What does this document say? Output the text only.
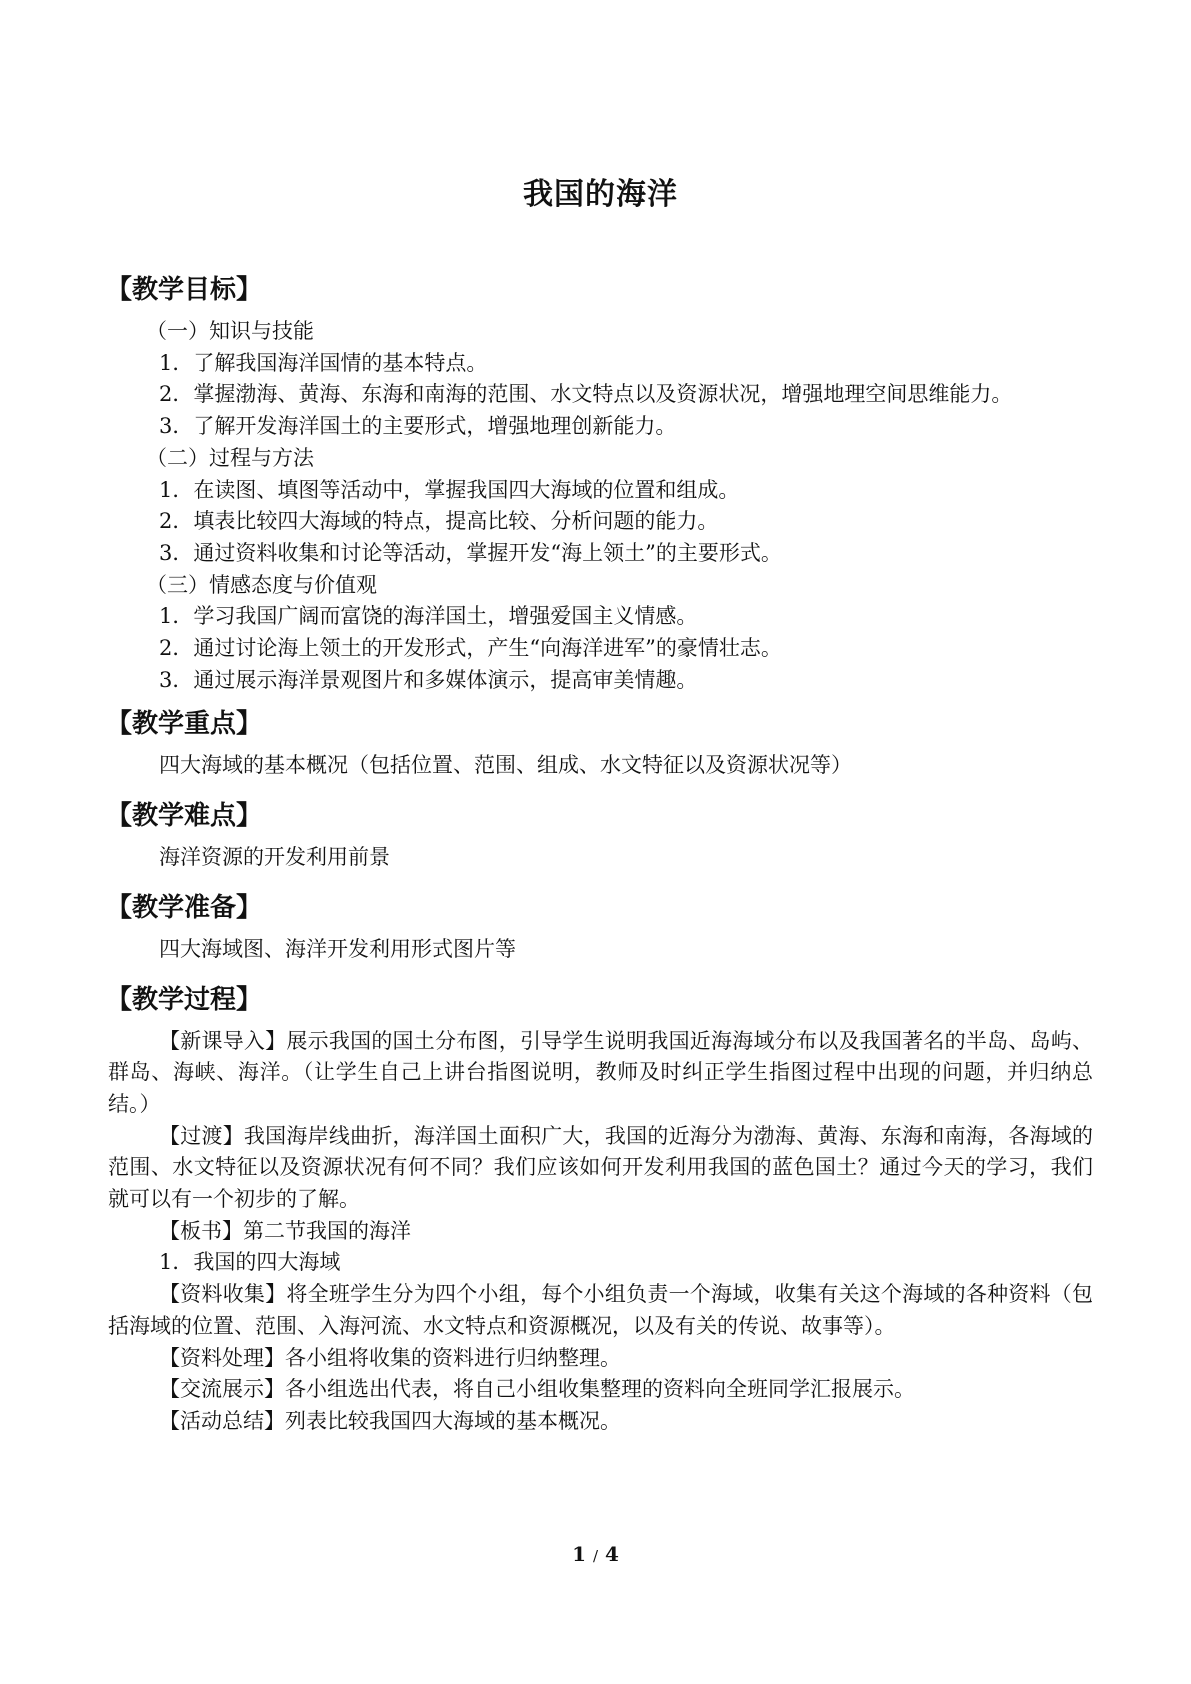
我国的海洋
【教学目标】

（一）知识与技能

1．了解我国海洋国情的基本特点。

2．掌握渤海、黄海、东海和南海的范围、水文特点以及资源状况，增强地理空间思维能力。

3．了解开发海洋国土的主要形式，增强地理创新能力。

（二）过程与方法

1．在读图、填图等活动中，掌握我国四大海域的位置和组成。

2．填表比较四大海域的特点，提高比较、分析问题的能力。

3．通过资料收集和讨论等活动，掌握开发“海上领土”的主要形式。

（三）情感态度与价值观

1．学习我国广阔而富饶的海洋国土，增强爱国主义情感。

2．通过讨论海上领土的开发形式，产生“向海洋进军”的豪情壮志。

3．通过展示海洋景观图片和多媒体演示，提高审美情趣。

【教学重点】

四大海域的基本概况（包括位置、范围、组成、水文特征以及资源状况等）

【教学难点】

海洋资源的开发利用前景

【教学准备】

四大海域图、海洋开发利用形式图片等

【教学过程】

【新课导入】展示我国的国土分布图，引导学生说明我国近海海域分布以及我国著名的半岛、岛屿、群岛、海峡、海洋。（让学生自己上讲台指图说明，教师及时纠正学生指图过程中出现的问题，并归纳总结。）

【过渡】我国海岸线曲折，海洋国土面积广大，我国的近海分为渤海、黄海、东海和南海，各海域的范围、水文特征以及资源状况有何不同？我们应该如何开发利用我国的蓝色国土？通过今天的学习，我们就可以有一个初步的了解。

【板书】第二节我国的海洋

1．我国的四大海域

【资料收集】将全班学生分为四个小组，每个小组负责一个海域，收集有关这个海域的各种资料（包括海域的位置、范围、入海河流、水文特点和资源概况，以及有关的传说、故事等）。

【资料处理】各小组将收集的资料进行归纳整理。

【交流展示】各小组选出代表，将自己小组收集整理的资料向全班同学汇报展示。

【活动总结】列表比较我国四大海域的基本概况。

1 / 4
